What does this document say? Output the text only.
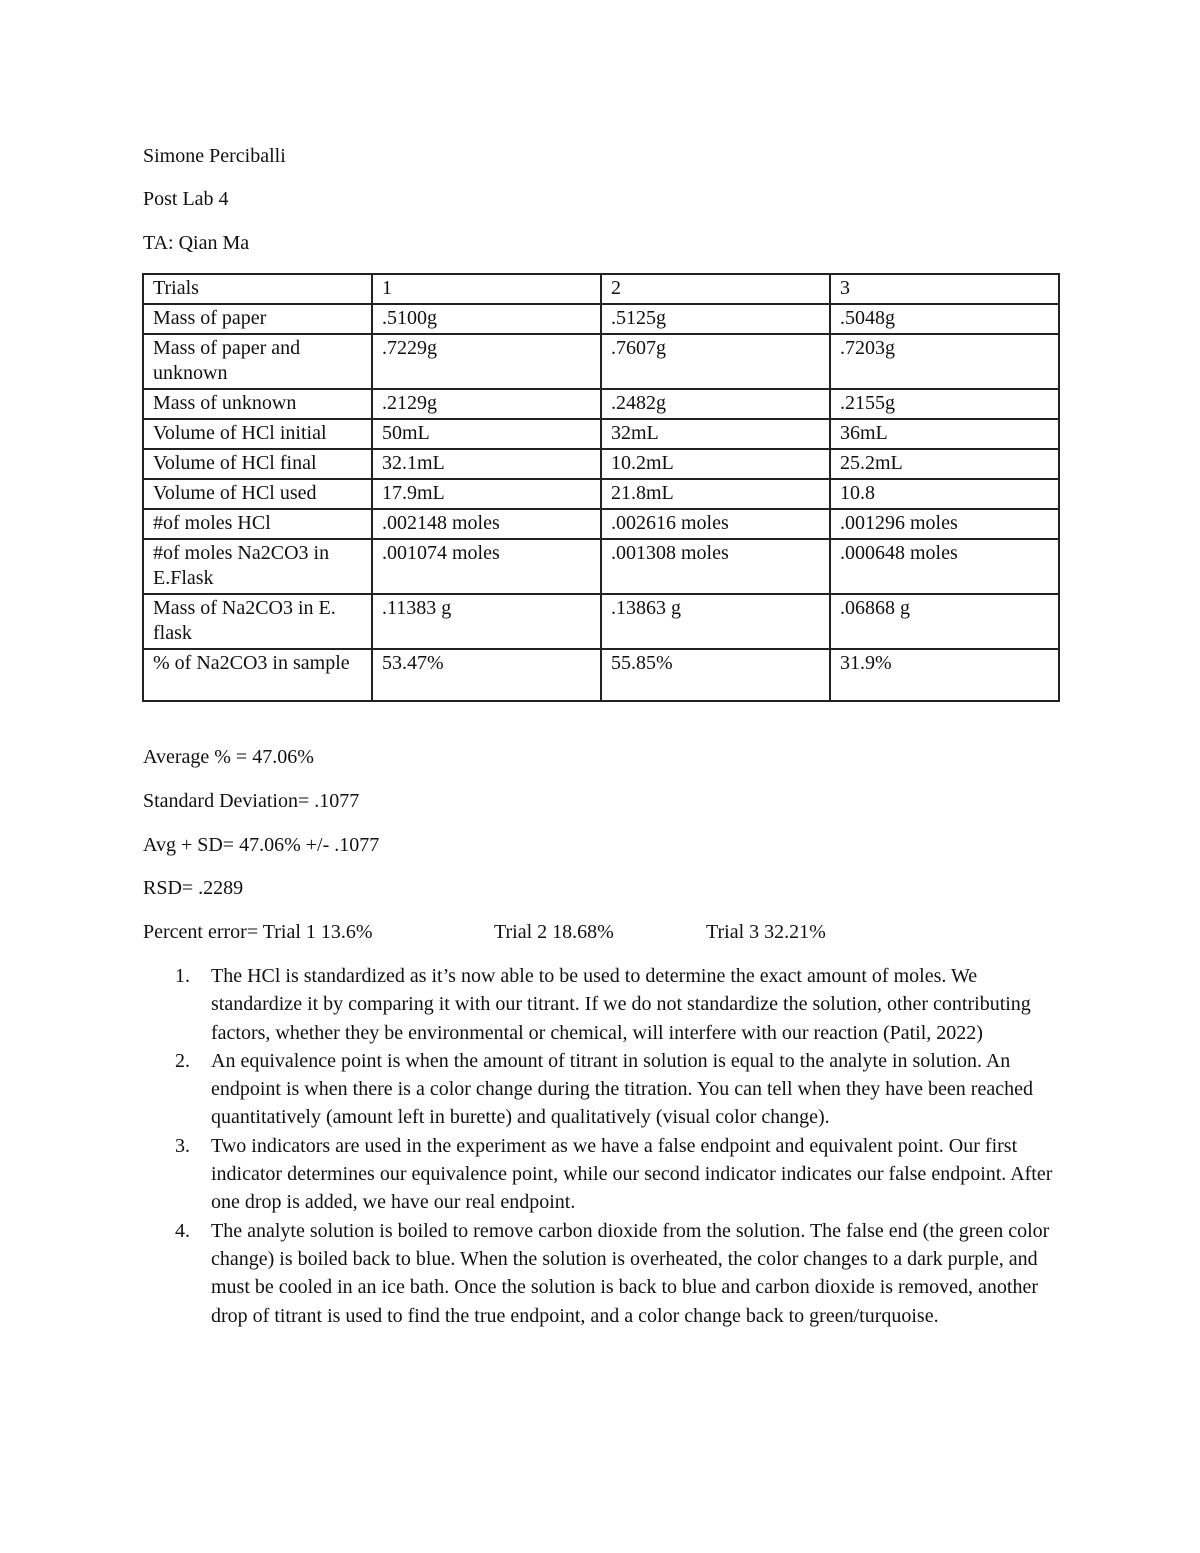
Simone Perciballi
Post Lab 4
TA: Qian Ma
Trials	1	2	3
Mass of paper	.5100g	.5125g	.5048g
Mass of paper and unknown	.7229g	.7607g	.7203g
Mass of unknown	.2129g	.2482g	.2155g
Volume of HCl initial	50mL	32mL	36mL
Volume of HCl final	32.1mL	10.2mL	25.2mL
Volume of HCl used	17.9mL	21.8mL	10.8
#of moles HCl	.002148 moles	.002616 moles	.001296 moles
#of moles Na2CO3 in E.Flask	.001074 moles	.001308 moles	.000648 moles
Mass of Na2CO3 in E. flask	.11383 g	.13863 g	.06868 g
% of Na2CO3 in sample	53.47%	55.85%	31.9%
Average % = 47.06%
Standard Deviation= .1077
Avg + SD= 47.06% +/- .1077
RSD= .2289
Percent error= Trial 1 13.6%	Trial 2 18.68%	Trial 3 32.21%
1. The HCl is standardized as it’s now able to be used to determine the exact amount of moles. We standardize it by comparing it with our titrant. If we do not standardize the solution, other contributing factors, whether they be environmental or chemical, will interfere with our reaction (Patil, 2022)
2. An equivalence point is when the amount of titrant in solution is equal to the analyte in solution. An endpoint is when there is a color change during the titration. You can tell when they have been reached quantitatively (amount left in burette) and qualitatively (visual color change).
3. Two indicators are used in the experiment as we have a false endpoint and equivalent point. Our first indicator determines our equivalence point, while our second indicator indicates our false endpoint. After one drop is added, we have our real endpoint.
4. The analyte solution is boiled to remove carbon dioxide from the solution. The false end (the green color change) is boiled back to blue. When the solution is overheated, the color changes to a dark purple, and must be cooled in an ice bath. Once the solution is back to blue and carbon dioxide is removed, another drop of titrant is used to find the true endpoint, and a color change back to green/turquoise.
